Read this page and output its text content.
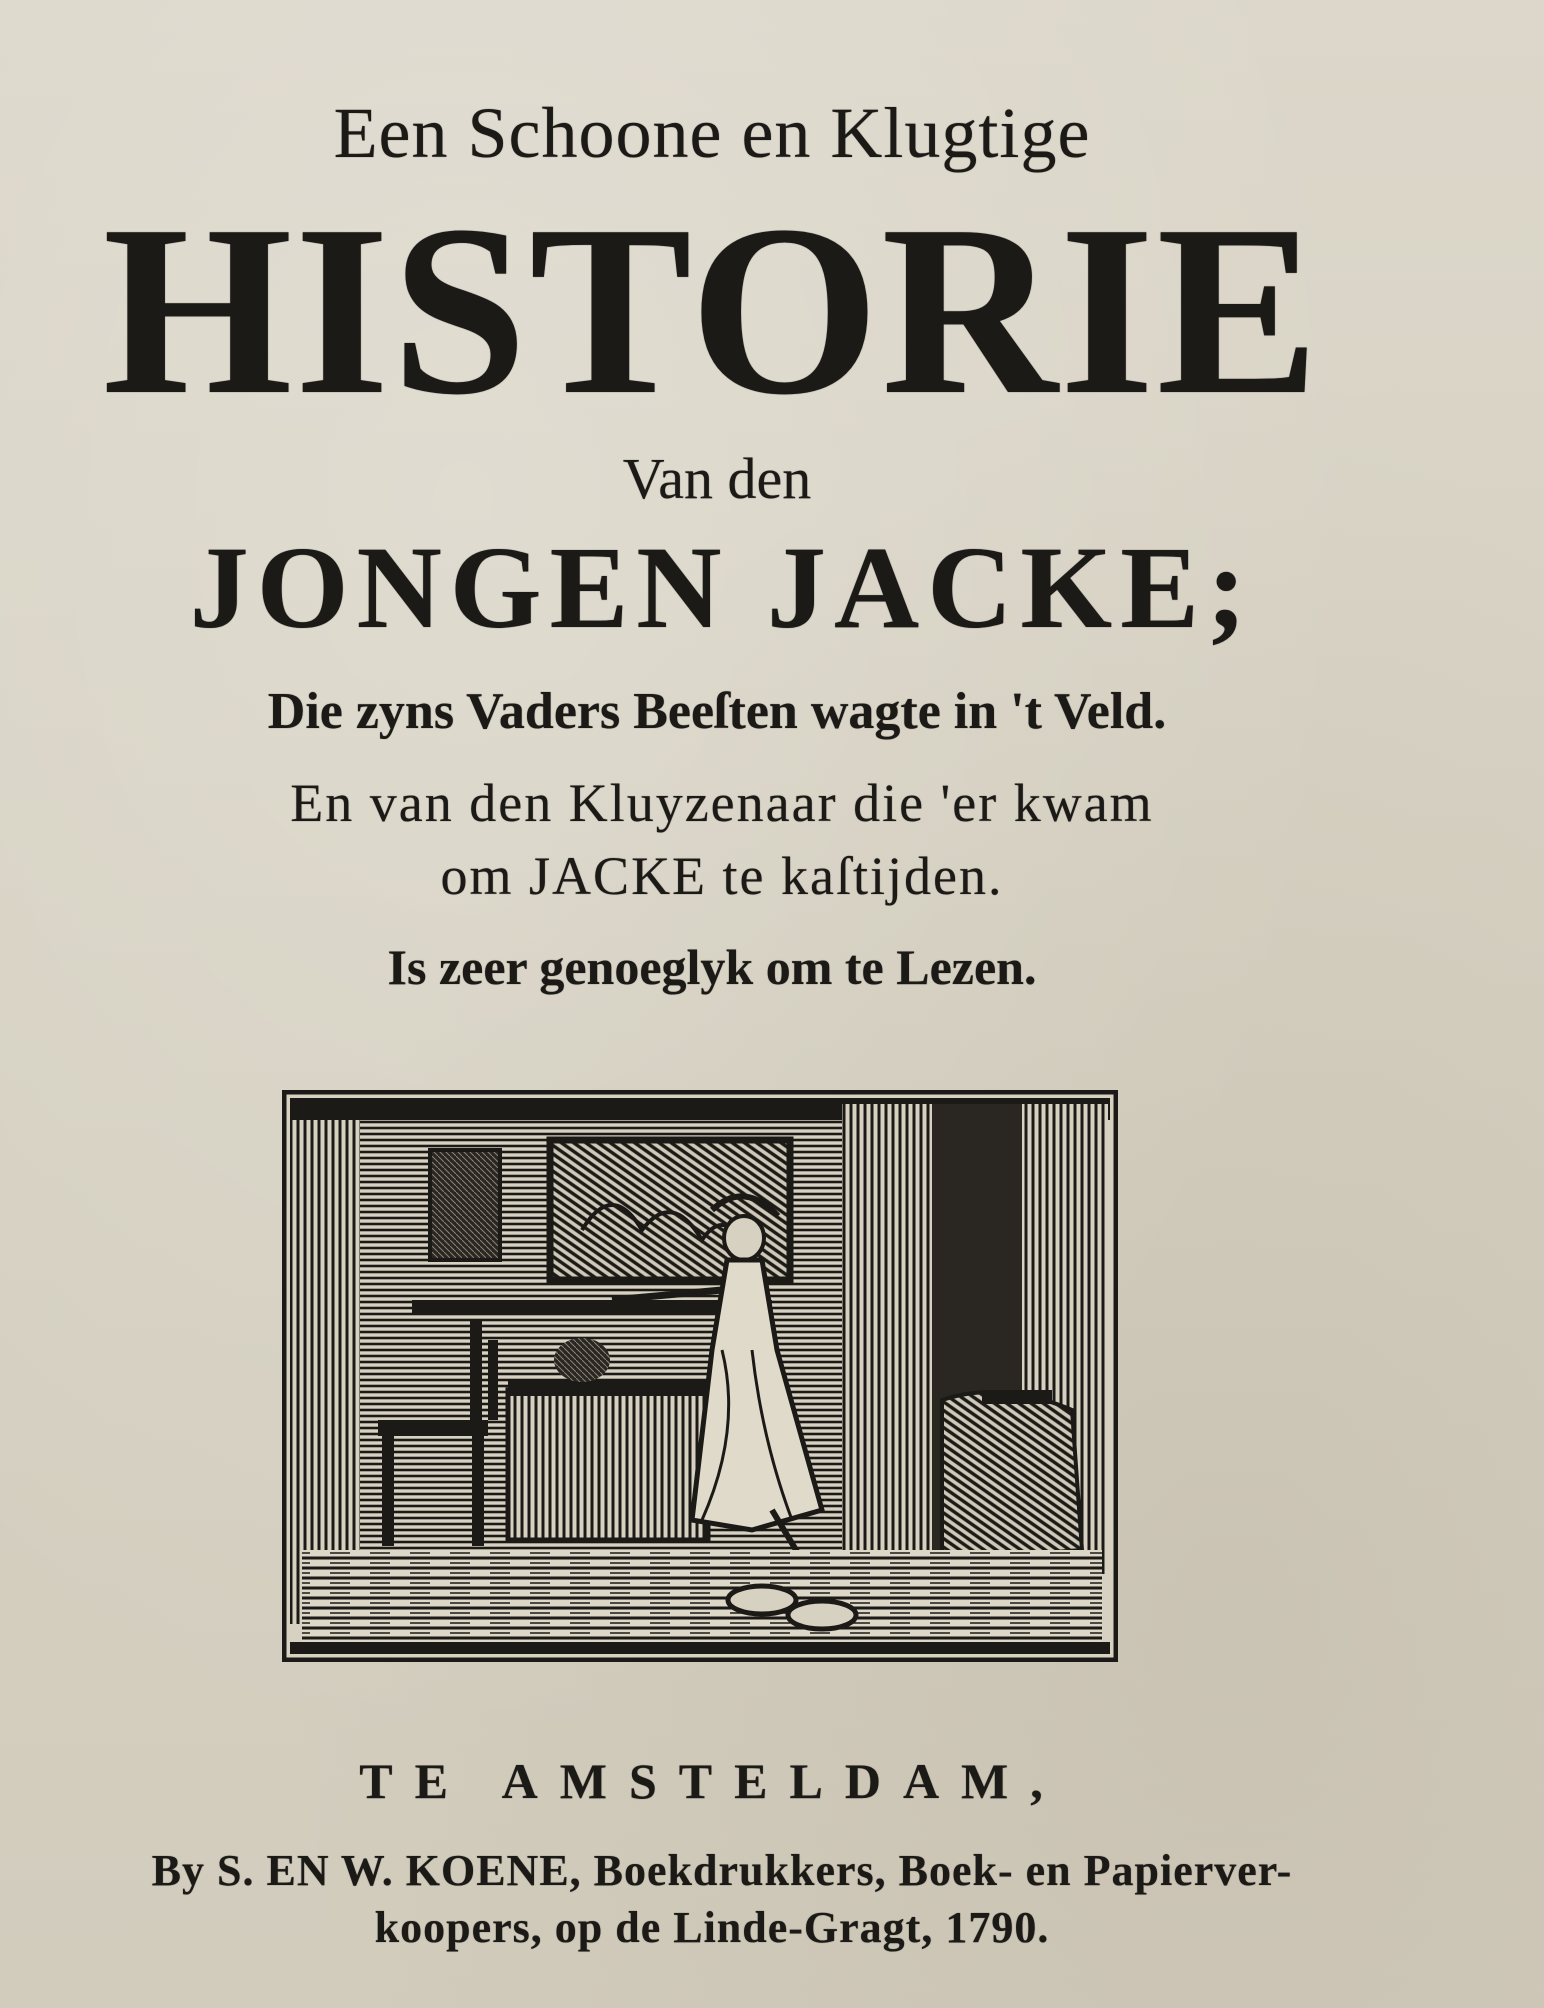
Een Schoone en Klugtige
HISTORIE
Van den
JONGEN JACKE;
Die zyns Vaders Beeſten wagte in 't Veld.
En van den Kluyzenaar die 'er kwam
om JACKE te kaſtijden.
Is zeer genoeglyk om te Lezen.
TE AMSTELDAM,
By S. EN W. KOENE, Boekdrukkers, Boek- en Papierver-
koopers, op de Linde-Gragt, 1790.
